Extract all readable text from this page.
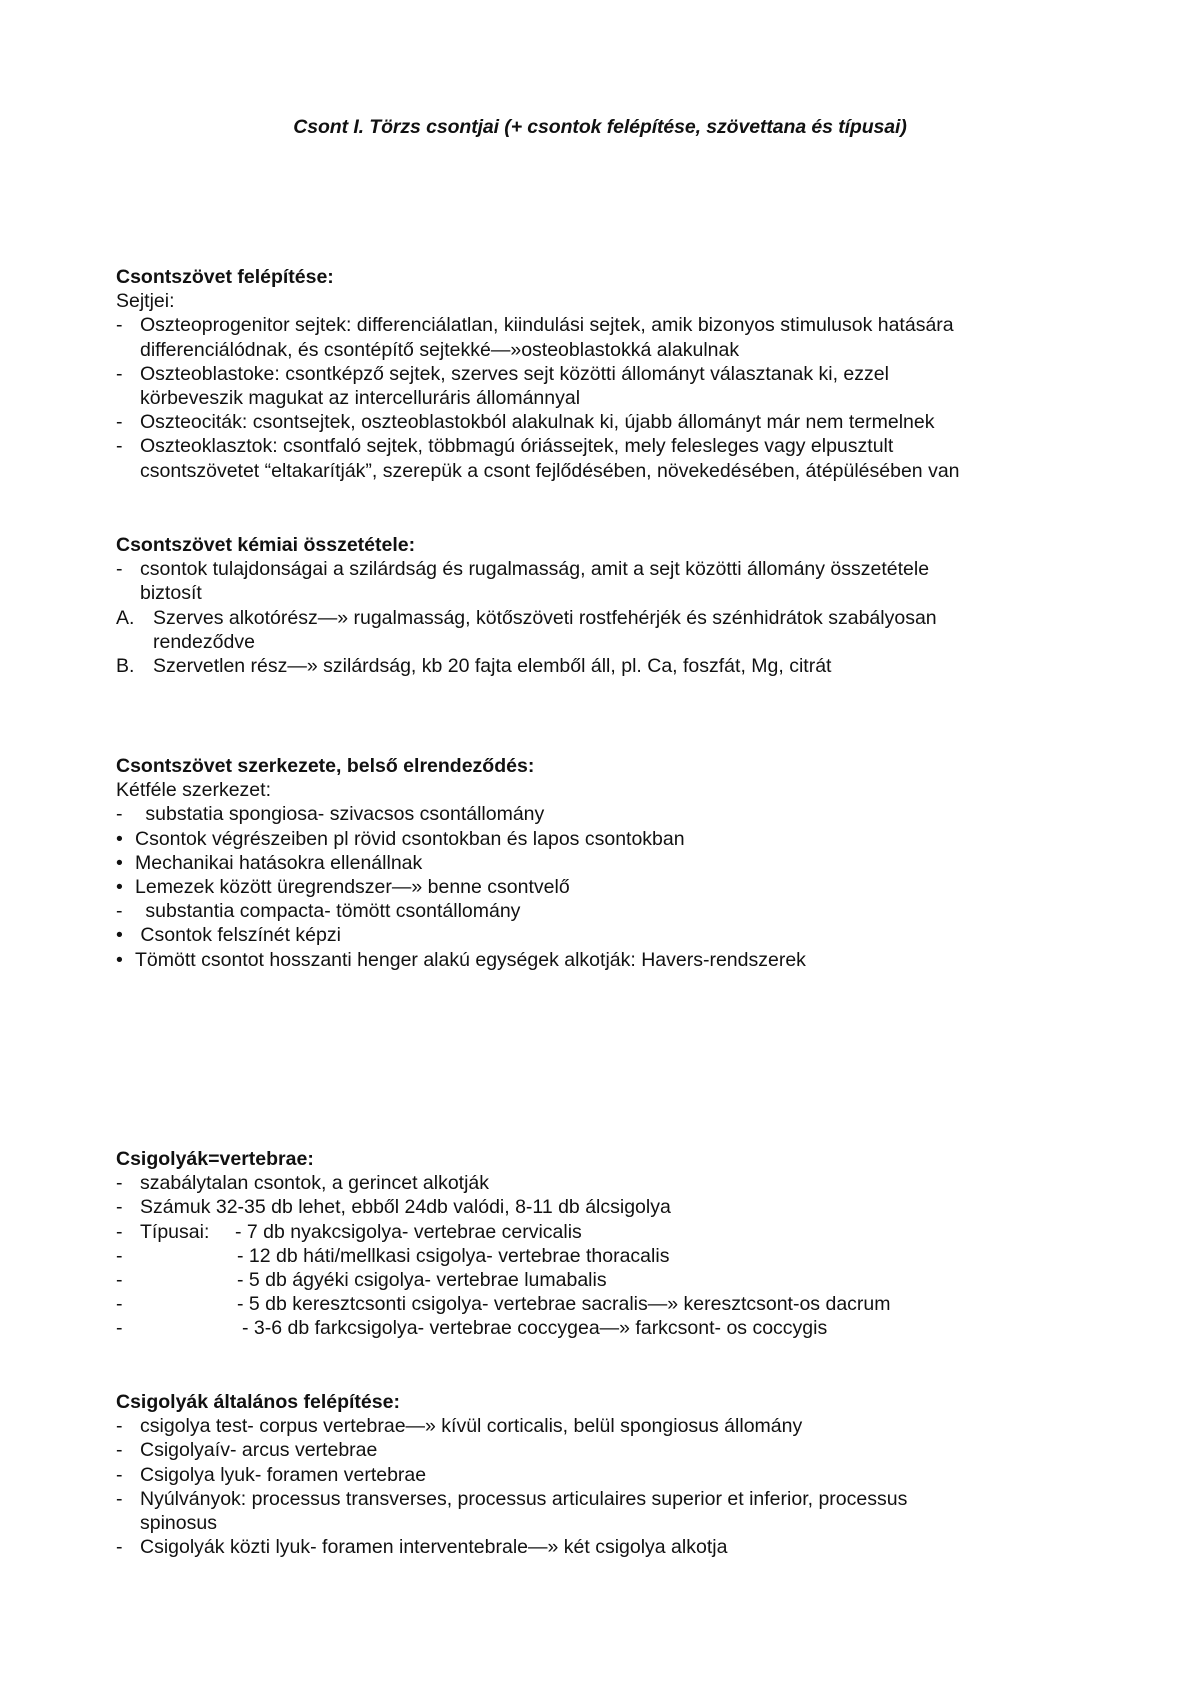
Csont I. Törzs csontjai (+ csontok felépítése, szövettana és típusai)
Csontszövet felépítése:
Sejtjei:
- Oszteoprogenitor sejtek: differenciálatlan, kiindulási sejtek, amik bizonyos stimulusok hatására
differenciálódnak, és csontépítő sejtekké—»osteoblastokká alakulnak
- Oszteoblastoke: csontképző sejtek, szerves sejt közötti állományt választanak ki, ezzel
körbeveszik magukat az intercelluráris állománnyal
- Oszteociták: csontsejtek, oszteoblastokból alakulnak ki, újabb állományt már nem termelnek
- Oszteoklasztok: csontfaló sejtek, többmagú óriássejtek, mely felesleges vagy elpusztult
csontszövetet “eltakarítják”, szerepük a csont fejlődésében, növekedésében, átépülésében van
Csontszövet kémiai összetétele:
- csontok tulajdonságai a szilárdság és rugalmasság, amit a sejt közötti állomány összetétele
biztosít
A. Szerves alkotórész—» rugalmasság, kötőszöveti rostfehérjék és szénhidrátok szabályosan
rendeződve
B. Szervetlen rész—» szilárdság, kb 20 fajta elemből áll, pl. Ca, foszfát, Mg, citrát
Csontszövet szerkezete, belső elrendeződés:
Kétféle szerkezet:
- substatia spongiosa- szivacsos csontállomány
• Csontok végrészeiben pl rövid csontokban és lapos csontokban
• Mechanikai hatásokra ellenállnak
• Lemezek között üregrendszer—» benne csontvelő
- substantia compacta- tömött csontállomány
• Csontok felszínét képzi
• Tömött csontot hosszanti henger alakú egységek alkotják: Havers-rendszerek
Csigolyák=vertebrae:
- szabálytalan csontok, a gerincet alkotják
- Számuk 32-35 db lehet, ebből 24db valódi, 8-11 db álcsigolya
- Típusai:	- 7 db nyakcsigolya- vertebrae cervicalis
-	- 12 db háti/mellkasi csigolya- vertebrae thoracalis
-	- 5 db ágyéki csigolya- vertebrae lumabalis
-	- 5 db keresztcsonti csigolya- vertebrae sacralis—» keresztcsont-os dacrum
-	- 3-6 db farkcsigolya- vertebrae coccygea—» farkcsont- os coccygis
Csigolyák általános felépítése:
- csigolya test- corpus vertebrae—» kívül corticalis, belül spongiosus állomány
- Csigolyaív- arcus vertebrae
- Csigolya lyuk- foramen vertebrae
- Nyúlványok: processus transverses, processus articulaires superior et inferior, processus
spinosus
- Csigolyák közti lyuk- foramen interventebrale—» két csigolya alkotja
